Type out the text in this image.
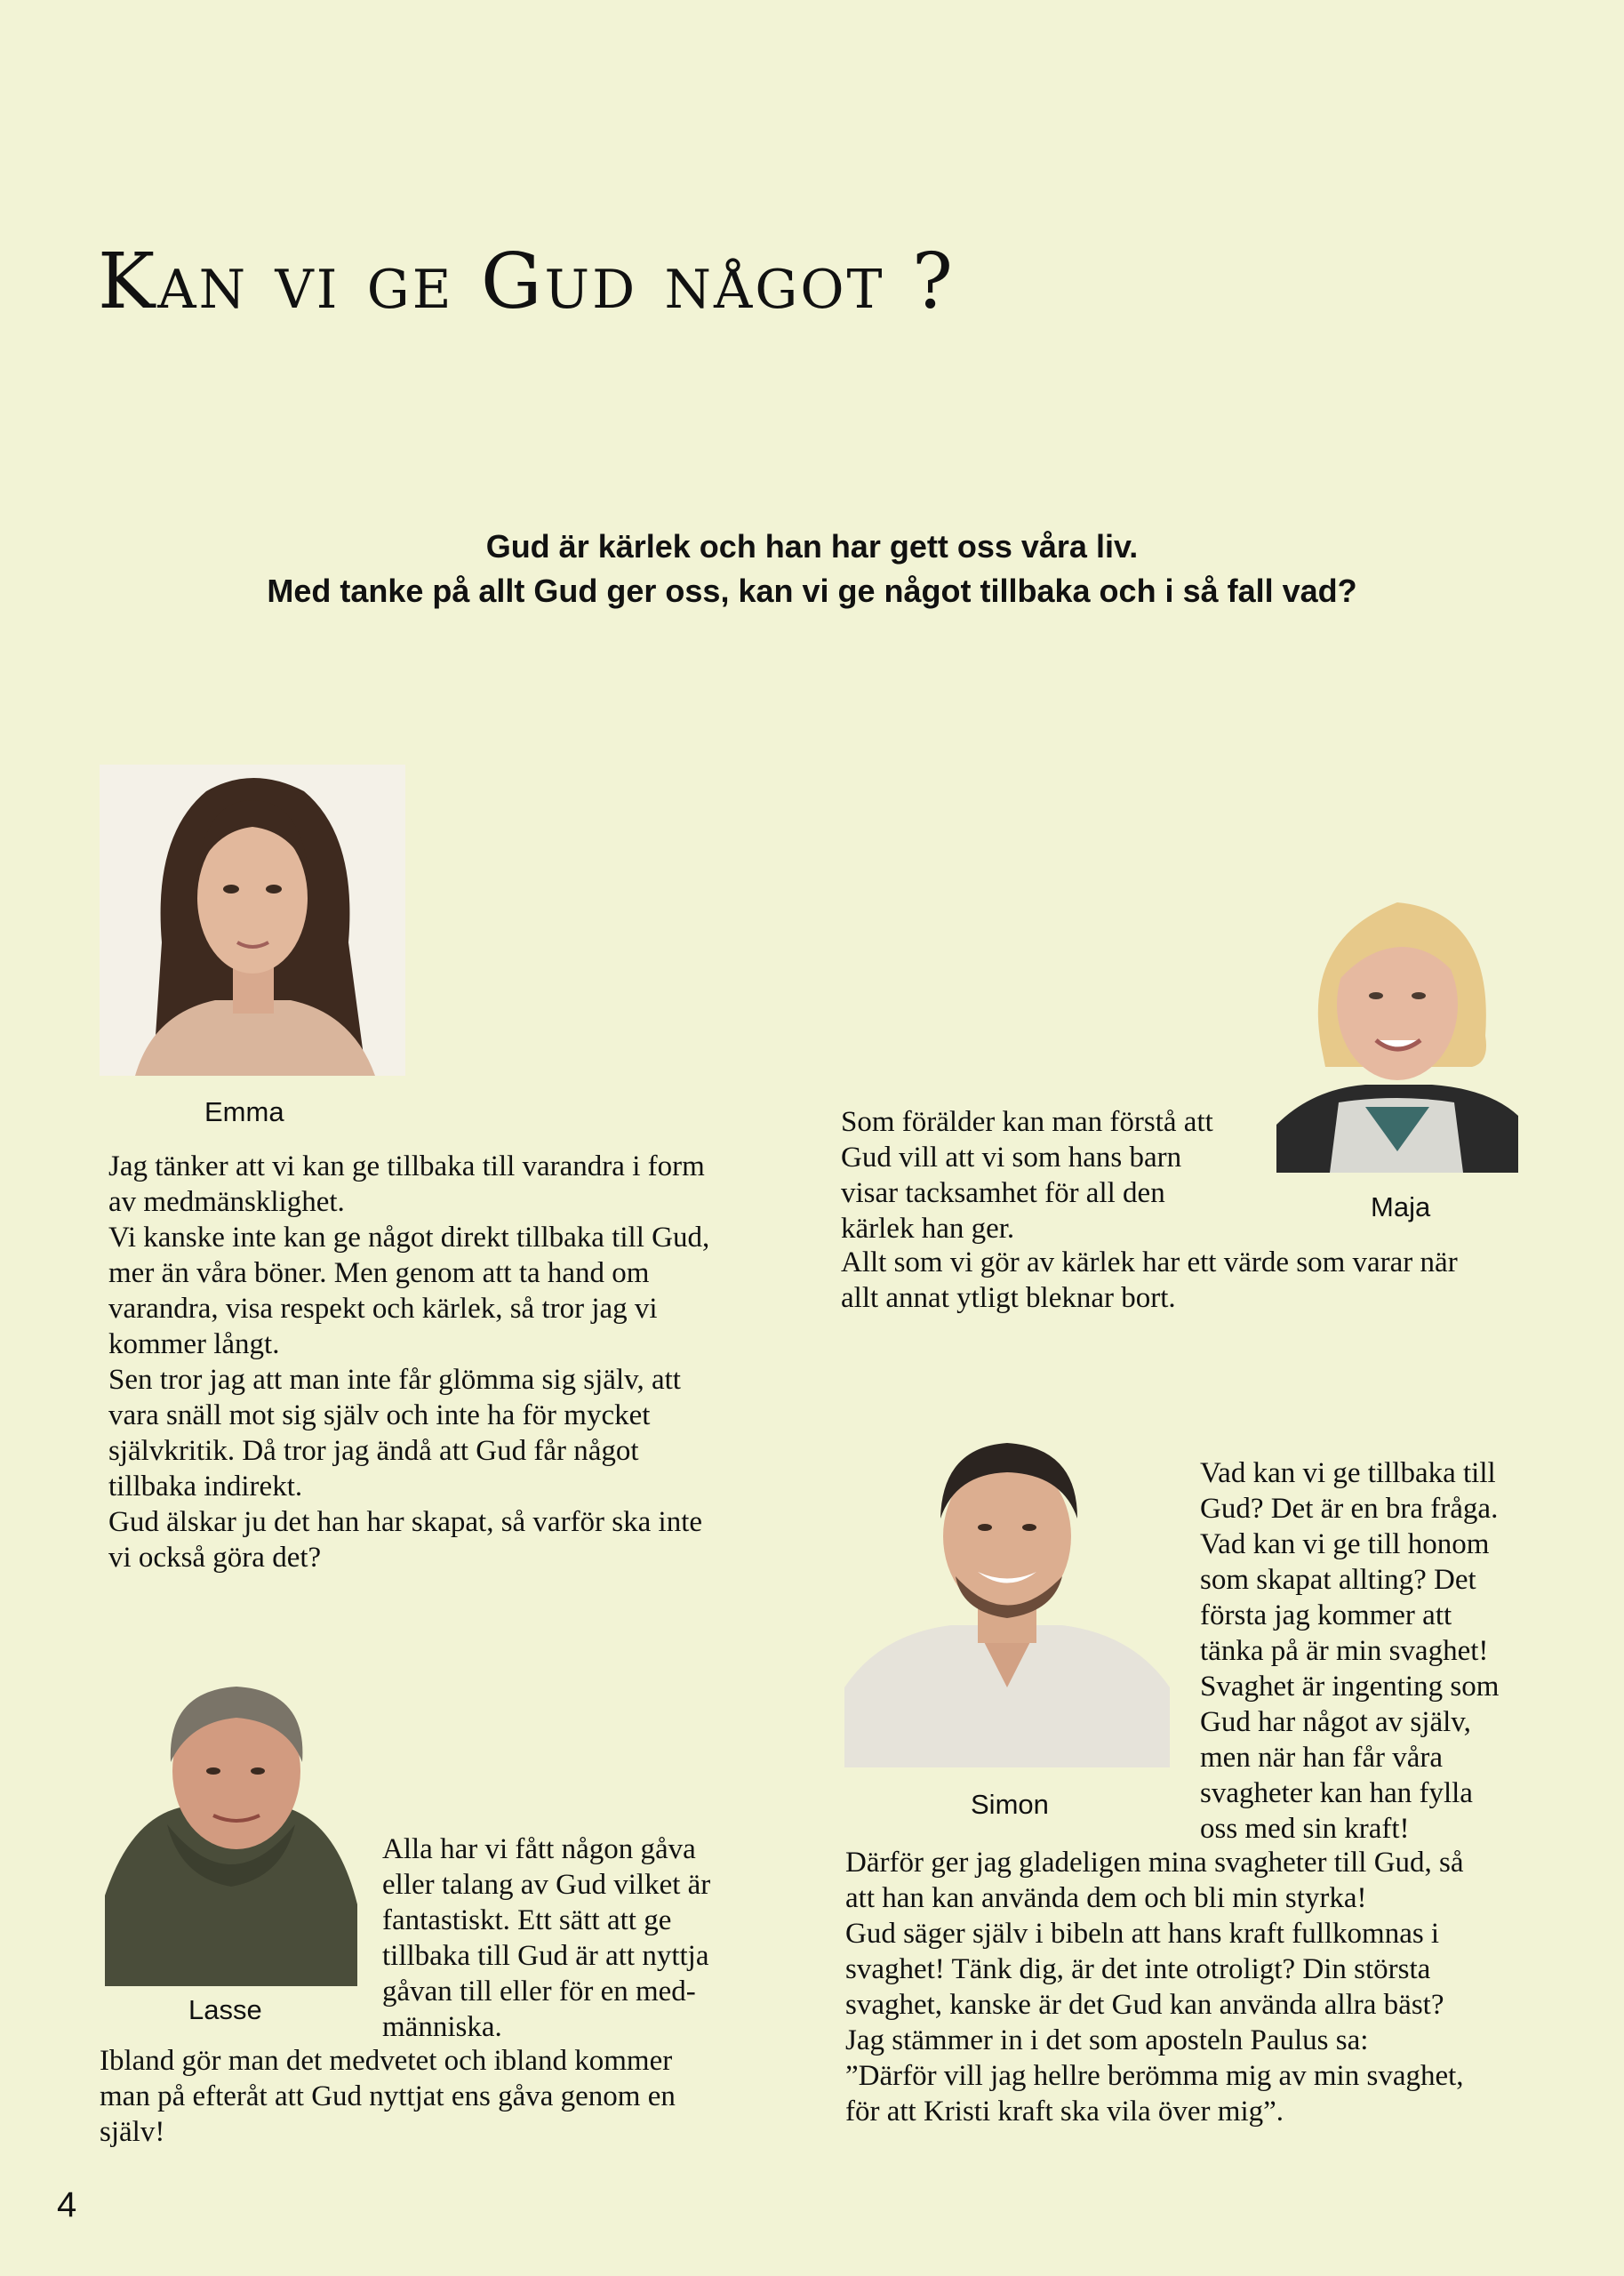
Kan vi ge Gud något ?
Gud är kärlek och han har gett oss våra liv.
Med tanke på allt Gud ger oss, kan vi ge något tillbaka och i så fall vad?
Emma

Jag tänker att vi kan ge tillbaka till varandra i form

av medmänsklighet.

Vi kanske inte kan ge något direkt tillbaka till Gud,

mer än våra böner. Men genom att ta hand om

varandra, visa respekt och kärlek, så tror jag vi

kommer långt.

Sen tror jag att man inte får glömma sig själv, att

vara snäll mot sig själv och inte ha för mycket

självkritik. Då tror jag ändå att Gud får något

tillbaka indirekt.

Gud älskar ju det han har skapat, så varför ska inte

vi också göra det?

Maja

Som förälder kan man förstå att

Gud vill att vi som hans barn

visar tacksamhet för all den

kärlek han ger.

Allt som vi gör av kärlek har ett värde som varar när

allt annat ytligt bleknar bort.

Simon

Vad kan vi ge tillbaka till

Gud? Det är en bra fråga.

Vad kan vi ge till honom

som skapat allting? Det

första jag kommer att

tänka på är min svaghet!

Svaghet är ingenting som

Gud har något av själv,

men när han får våra

svagheter kan han fylla

oss med sin kraft!

Därför ger jag gladeligen mina svagheter till Gud, så

att han kan använda dem och bli min styrka!

Gud säger själv i bibeln att hans kraft fullkomnas i

svaghet! Tänk dig, är det inte otroligt? Din största

svaghet, kanske är det Gud kan använda allra bäst?

Jag stämmer in i det som aposteln Paulus sa:

”Därför vill jag hellre berömma mig av min svaghet,

för att Kristi kraft ska vila över mig”.

Lasse

Alla har vi fått någon gåva

eller talang av Gud vilket är

fantastiskt. Ett sätt att ge

tillbaka till Gud är att nyttja

gåvan till eller för en med-

människa.

Ibland gör man det medvetet och ibland kommer

man på efteråt att Gud nyttjat ens gåva genom en

själv!

4
